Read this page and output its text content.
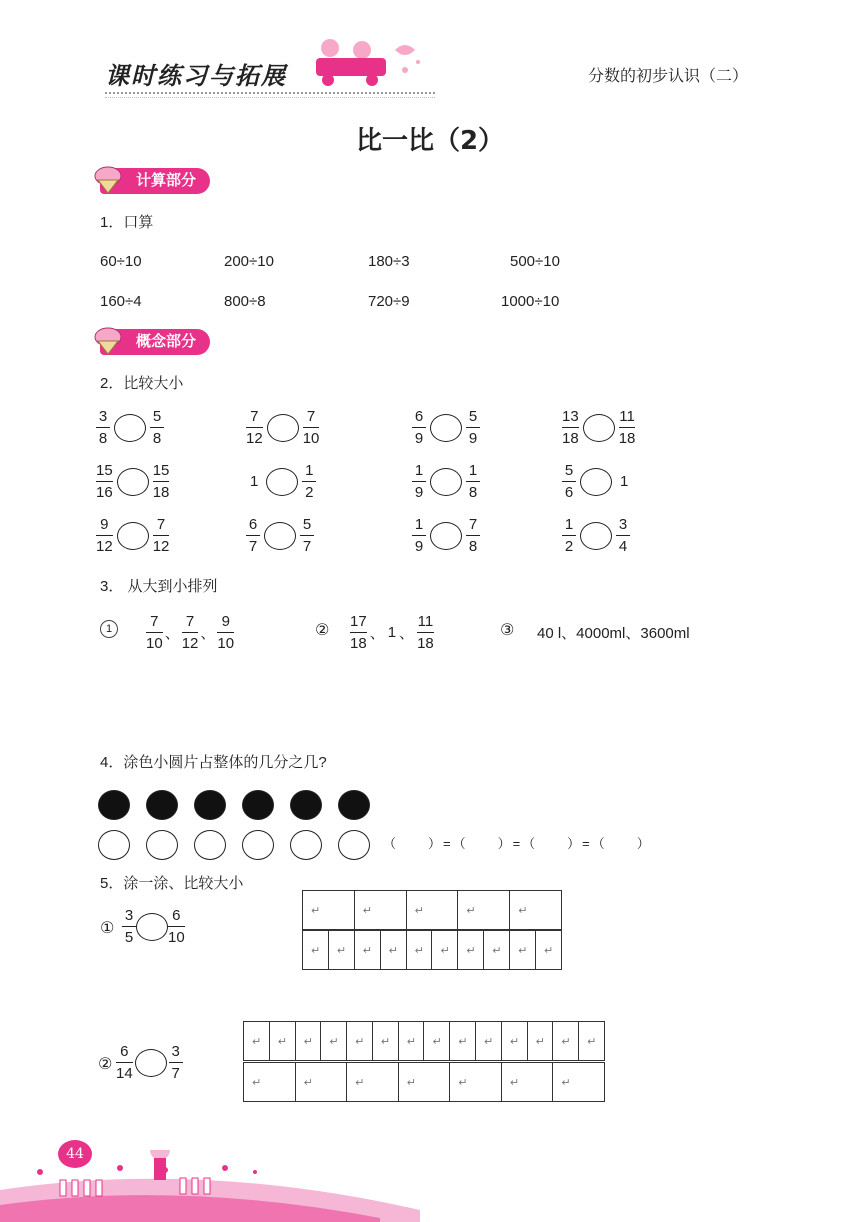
课时练习与拓展	分数的初步认识（二）
比一比（2）
计算部分
1．口算
60÷10	200÷10	180÷3	500÷10
160÷4	800÷8	720÷9	1000÷10
概念部分
2．比较大小
$\frac{3}{8}$	$\frac{5}{8}$	$\frac{7}{12}$	$\frac{7}{10}$	$\frac{6}{9}$	$\frac{5}{9}$	$\frac{13}{18}$	$\frac{11}{18}$
$\frac{15}{16}$	$\frac{15}{18}$	1	$\frac{1}{2}$	$\frac{1}{9}$	$\frac{1}{8}$	$\frac{5}{6}$	1
$\frac{9}{12}$	$\frac{7}{12}$	$\frac{6}{7}$	$\frac{5}{7}$	$\frac{1}{9}$	$\frac{7}{8}$	$\frac{1}{2}$	$\frac{3}{4}$
3． 从大到小排列
1	$\frac{7}{10}$ 、 $\frac{7}{12}$ 、 $\frac{9}{10}$	② $\frac{17}{18}$ 、 1 、 $\frac{11}{18}$	③ 40 l、4000ml、3600ml
4．涂色小圆片占整体的几分之几?
（　　）=（　　）=（　　）=（　　）
5．涂一涂、比较大小
① $\frac{3}{5} \frac{6}{10}$	↵	↵	↵	↵	↵
↵	↵	↵	↵	↵	↵	↵	↵	↵	↵
② $\frac{6}{14} \frac{3}{7}$
↵	↵	↵	↵	↵	↵	↵	↵	↵	↵	↵	↵	↵	↵
↵	↵	↵	↵	↵	↵	↵
44
